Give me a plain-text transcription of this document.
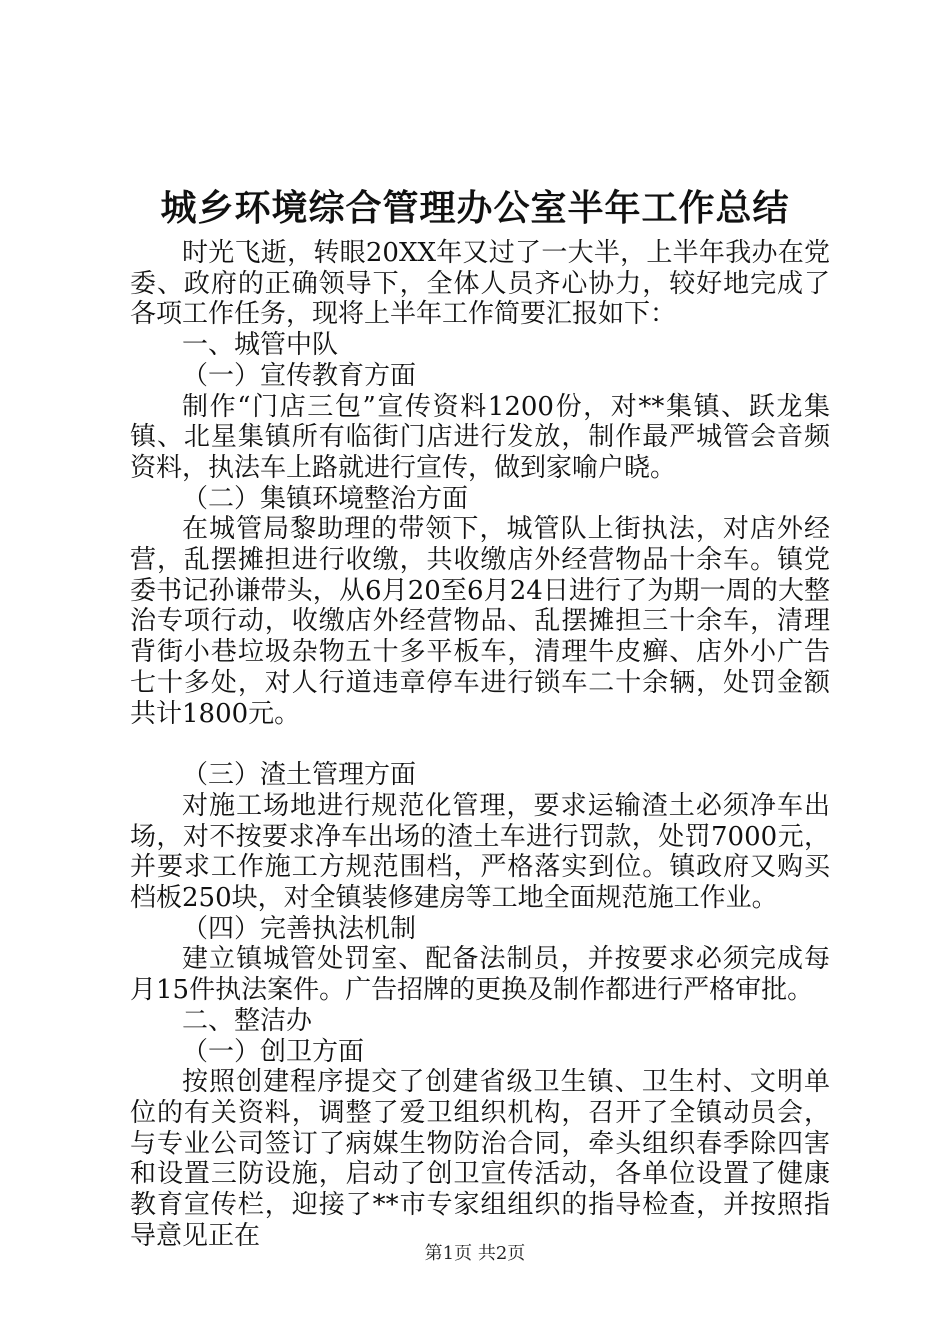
城乡环境综合管理办公室半年工作总结

时光飞逝，转眼20XX年又过了一大半，上半年我办在党委、政府的正确领导下，全体人员齐心协力，较好地完成了各项工作任务，现将上半年工作简要汇报如下：

一、城管中队

（一）宣传教育方面

制作“门店三包”宣传资料1200份，对**集镇、跃龙集镇、北星集镇所有临街门店进行发放，制作最严城管会音频资料，执法车上路就进行宣传，做到家喻户晓。

（二）集镇环境整治方面

在城管局黎助理的带领下，城管队上街执法，对店外经营，乱摆摊担进行收缴，共收缴店外经营物品十余车。镇党委书记孙谦带头，从6月20至6月24日进行了为期一周的大整治专项行动，收缴店外经营物品、乱摆摊担三十余车，清理背街小巷垃圾杂物五十多平板车，清理牛皮癣、店外小广告七十多处，对人行道违章停车进行锁车二十余辆，处罚金额共计1800元。

（三）渣土管理方面

对施工场地进行规范化管理，要求运输渣土必须净车出场，对不按要求净车出场的渣土车进行罚款，处罚7000元，并要求工作施工方规范围档，严格落实到位。镇政府又购买档板250块，对全镇装修建房等工地全面规范施工作业。

（四）完善执法机制

建立镇城管处罚室、配备法制员，并按要求必须完成每月15件执法案件。广告招牌的更换及制作都进行严格审批。

二、整洁办

（一）创卫方面

按照创建程序提交了创建省级卫生镇、卫生村、文明单位的有关资料，调整了爱卫组织机构，召开了全镇动员会，与专业公司签订了病媒生物防治合同，牵头组织春季除四害和设置三防设施，启动了创卫宣传活动，各单位设置了健康教育宣传栏，迎接了**市专家组组织的指导检查，并按照指导意见正在

第1页 共2页
